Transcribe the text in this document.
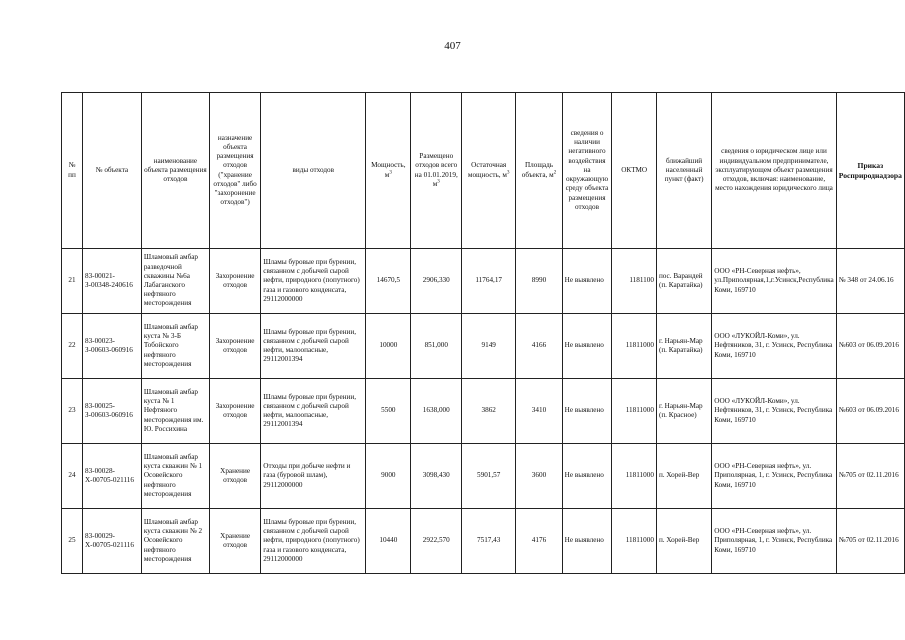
407
№ пп	№ объекта	наименование объекта размещения отходов	назначение объекта размещения отходов ("хранение отходов" либо "захоронение отходов")	виды отходов	Мощность, $м^3$	Размещено отходов всего на 01.01.2019, $м^3$	Остаточная мощность, $м^3$	Площадь объекта, $м^2$	сведения о наличии негативного воздействия на окружающую среду объекта размещения отходов	ОКТМО	ближайший населенный пункт (факт)	сведения о юридическом лице или индивидуальном предпринимателе, эксплуатирующем объект размещения отходов, включая: наименование, место нахождения юридического лица	Приказ Росприроднадзора
21	83-00021-З-00348-240616	Шламовый амбар разведочной скважины №6а Лабаганского нефтяного месторождения	Захоронение отходов	Шламы буровые при бурении, связанном с добычей сырой нефти, природного (попутного) газа и газового конденсата, 29112000000	14670,5	2906,330	11764,17	8990	Не выявлено	1181100	пос. Варандей (п. Каратайка)	ООО «РН-Северная нефть», ул.Приполярная,1,г.Усинск,Республика Коми, 169710	№ 348 от 24.06.16
22	83-00023-З-00603-060916	Шламовый амбар куста № 3-Б Тобойского нефтяного месторождения	Захоронение отходов	Шламы буровые при бурении, связанном с добычей сырой нефти, малоопасные, 29112001394	10000	851,000	9149	4166	Не выявлено	11811000	г. Нарьян-Мар (п. Каратайка)	ООО «ЛУКОЙЛ-Коми», ул. Нефтяников, 31, г. Усинск, Республика Коми, 169710	№603 от 06.09.2016
23	83-00025-З-00603-060916	Шламовый амбар куста № 1 Нефтяного месторождения им. Ю. Россихина	Захоронение отходов	Шламы буровые при бурении, связанном с добычей сырой нефти, малоопасные, 29112001394	5500	1638,000	3862	3410	Не выявлено	11811000	г. Нарьян-Мар (п. Красное)	ООО «ЛУКОЙЛ-Коми», ул. Нефтяников, 31, г. Усинск, Республика Коми, 169710	№603 от 06.09.2016
24	83-00028-Х-00705-021116	Шламовый амбар куста скважин № 1 Осовейского нефтяного месторождения	Хранение отходов	Отходы при добыче нефти и газа (буровой шлам), 29112000000	9000	3098,430	5901,57	3600	Не выявлено	11811000	п. Хорей-Вер	ООО «РН-Северная нефть», ул. Приполярная, 1, г. Усинск, Республика Коми, 169710	№705 от 02.11.2016
25	83-00029-Х-00705-021116	Шламовый амбар куста скважин № 2 Осовейского нефтяного месторождения	Хранение отходов	Шламы буровые при бурении, связанном с добычей сырой нефти, природного (попутного) газа и газового конденсата, 29112000000	10440	2922,570	7517,43	4176	Не выявлено	11811000	п. Хорей-Вер	ООО «РН-Северная нефть», ул. Приполярная, 1, г. Усинск, Республика Коми, 169710	№705 от 02.11.2016
